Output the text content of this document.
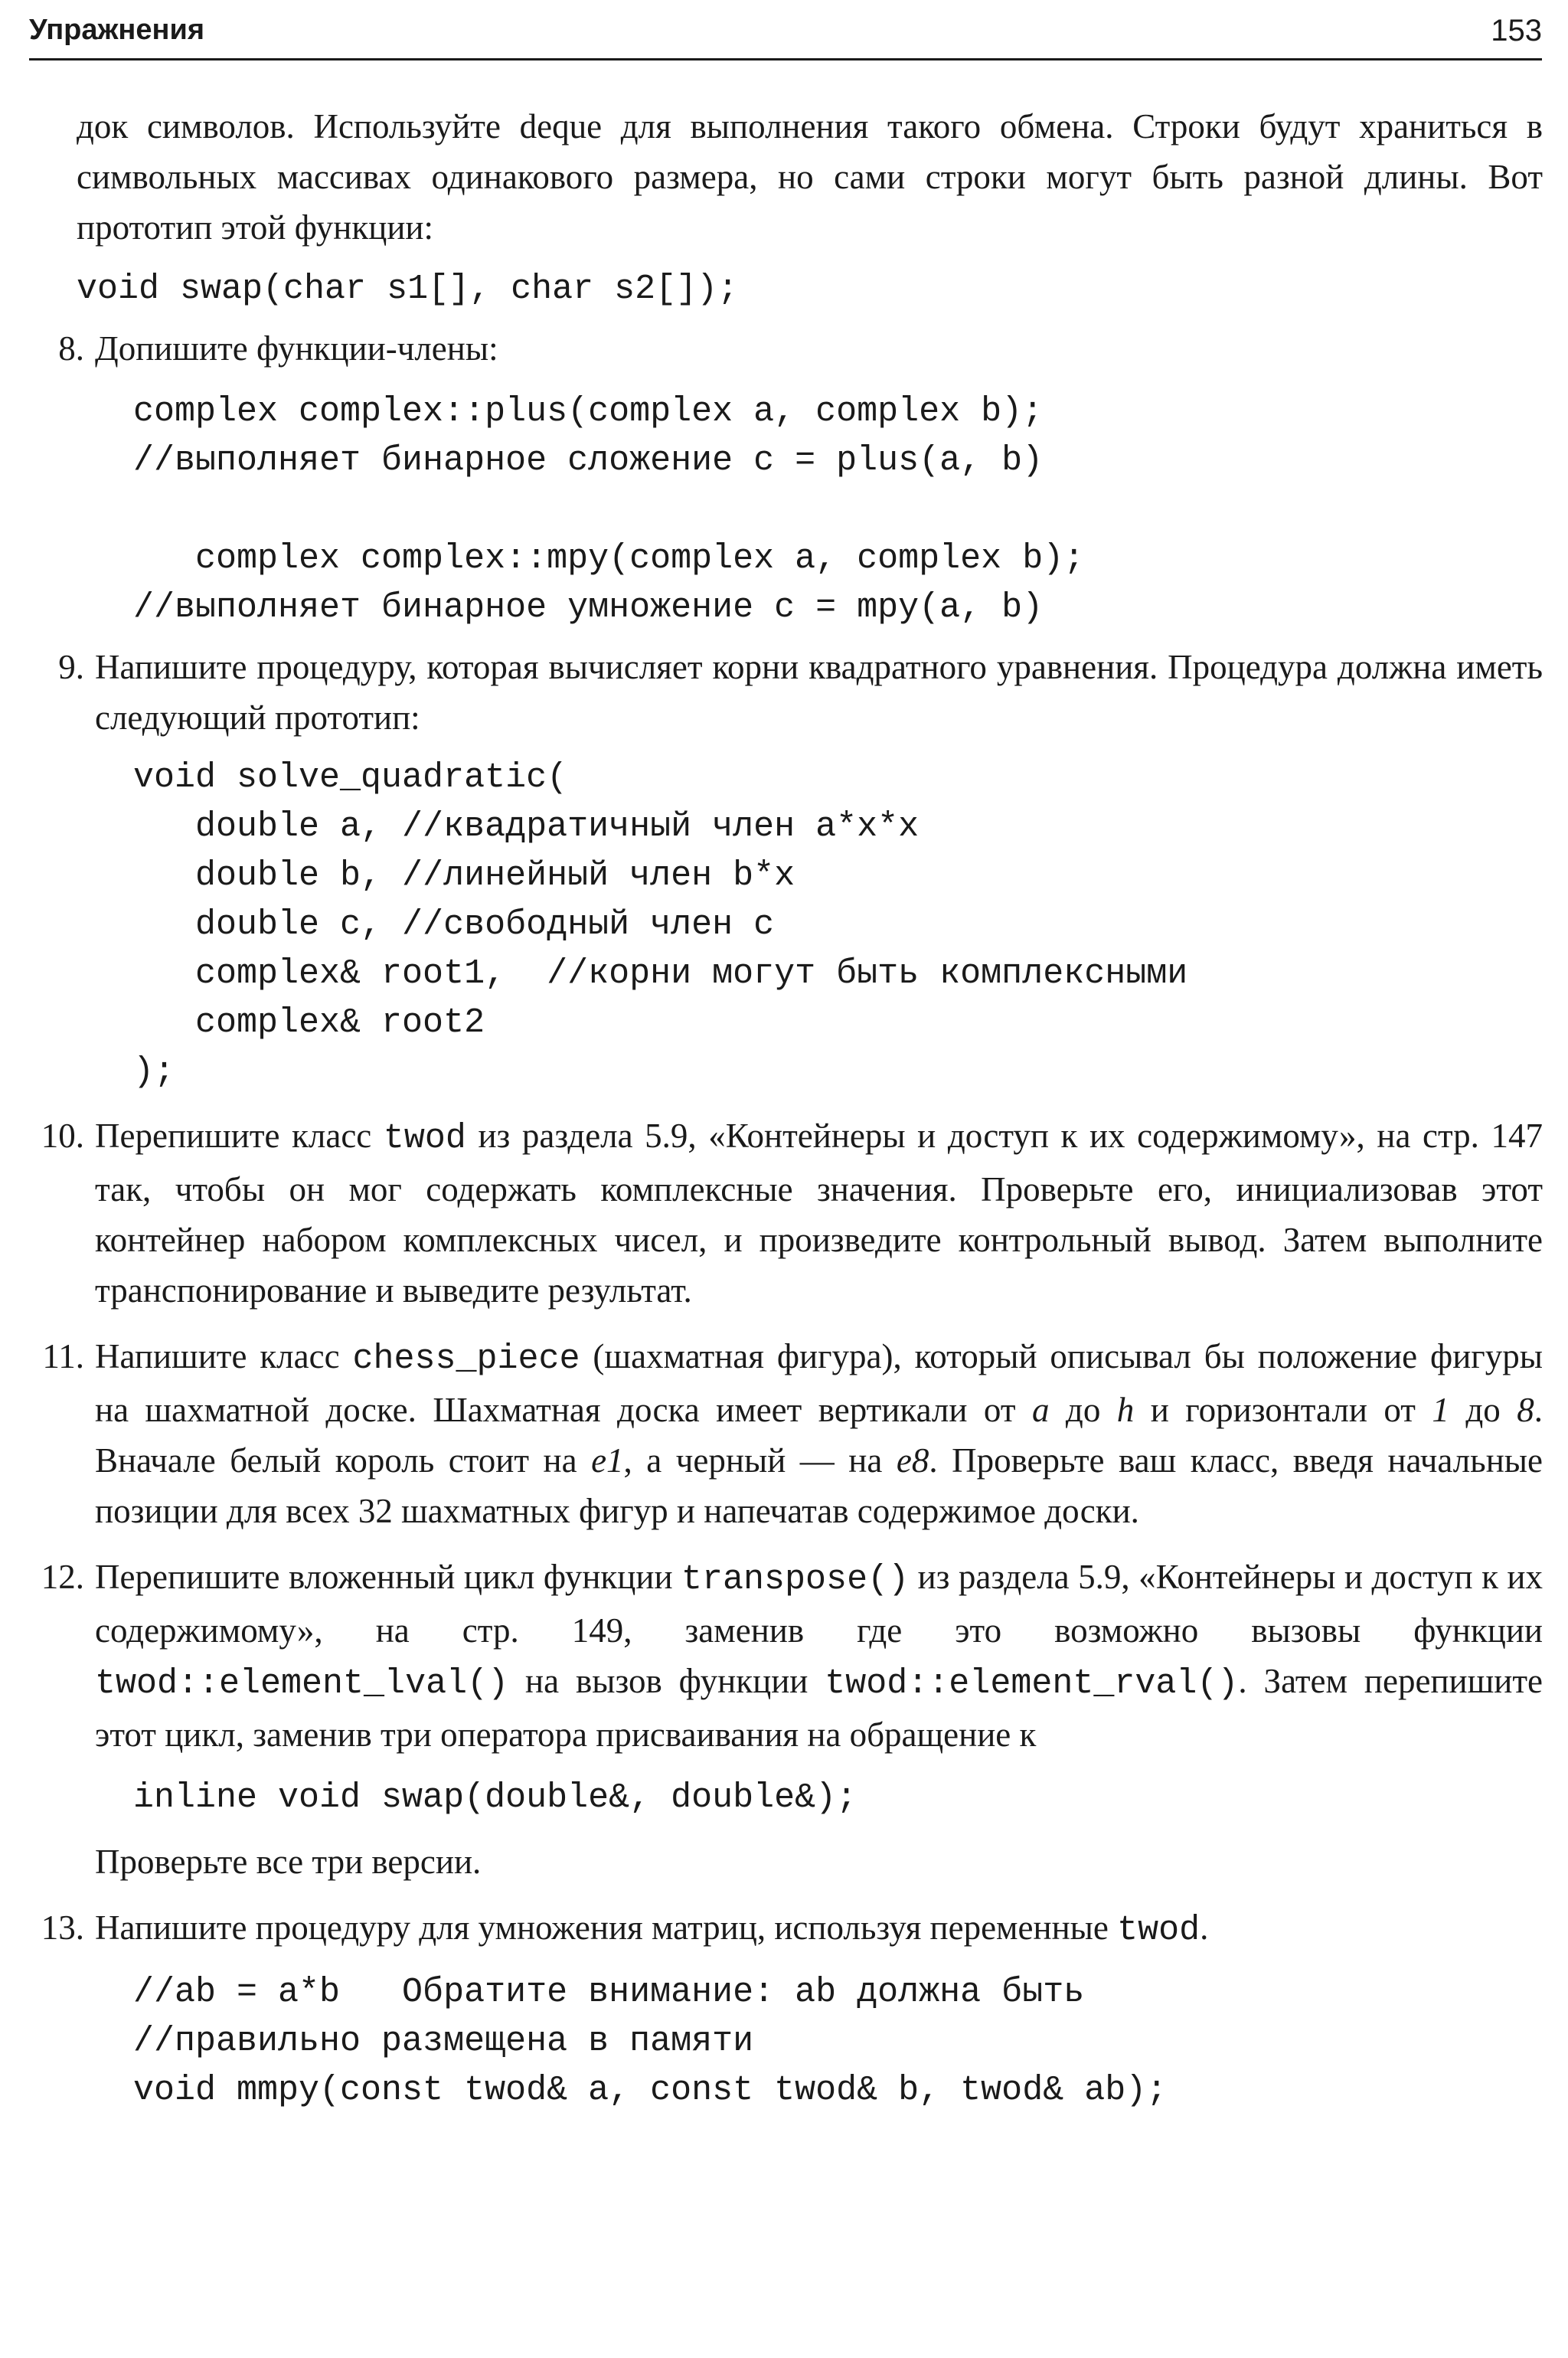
Упражнения	153

док символов. Используйте deque для выполнения такого обмена. Строки будут храниться в символьных массивах одинакового размера, но сами строки могут быть разной длины. Вот прототип этой функции:

void swap(char s1[], char s2[]);
8. Допишите функции-члены:

complex complex::plus(complex a, complex b);
//выполняет бинарное сложение c = plus(a, b)

complex complex::mpy(complex a, complex b);
//выполняет бинарное умножение c = mpy(a, b)
9. Напишите процедуру, которая вычисляет корни квадратного уравнения. Процедура должна иметь следующий прототип:

void solve_quadratic(
double a, //квадратичный член a*x*x
double b, //линейный член b*x
double c, //свободный член c
complex& root1,  //корни могут быть комплексными
complex& root2
);
10. Перепишите класс twod из раздела 5.9, «Контейнеры и доступ к их содержимому», на стр. 147 так, чтобы он мог содержать комплексные значения. Проверьте его, инициализовав этот контейнер набором комплексных чисел, и произведите контрольный вывод. Затем выполните транспонирование и выведите результат.

11. Напишите класс chess_piece (шахматная фигура), который описывал бы положение фигуры на шахматной доске. Шахматная доска имеет вертикали от a до h и горизонтали от 1 до 8. Вначале белый король стоит на e1, а черный — на e8. Проверьте ваш класс, введя начальные позиции для всех 32 шахматных фигур и напечатав содержимое доски.

12. Перепишите вложенный цикл функции transpose() из раздела 5.9, «Контейнеры и доступ к их содержимому», на стр. 149, заменив где это возможно вызовы функции twod::element_lval() на вызов функции twod::element_rval(). Затем перепишите этот цикл, заменив три оператора присваивания на обращение к

inline void swap(double&, double&);

Проверьте все три версии.

13. Напишите процедуру для умножения матриц, используя переменные twod.

//ab = a*b   Обратите внимание: ab должна быть
//правильно размещена в памяти
void mmpy(const twod& a, const twod& b, twod& ab);
